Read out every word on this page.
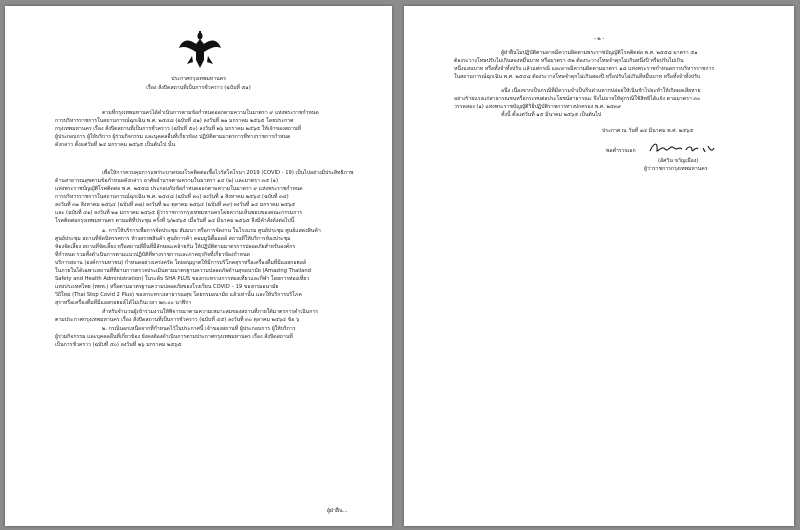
ประกาศกรุงเทพมหานคร
เรื่อง สั่งปิดสถานที่เป็นการชั่วคราว (ฉบับที่ ๕๑)
ตามที่กรุงเทพมหานครได้ดำเนินการตามข้อกำหนดออกตามความในมาตรา ๙ แห่งพระราชกำหนด
การบริหารราชการในสถานการณ์ฉุกเฉิน พ.ศ. ๒๕๔๘ (ฉบับที่ ๔๑) ลงวันที่ ๒๑ มกราคม ๒๕๖๕ โดยประกาศ
กรุงเทพมหานคร เรื่อง สั่งปิดสถานที่เป็นการชั่วคราว (ฉบับที่ ๕๐) ลงวันที่ ๒๖ มกราคม ๒๕๖๕ ให้เจ้าของสถานที่
ผู้ประกอบการ ผู้ให้บริการ ผู้ร่วมกิจกรรม และบุคคลอื่นที่เกี่ยวข้อง ปฏิบัติตามมาตรการที่ทางราชการกำหนด
ดังกล่าว ตั้งแต่วันที่ ๒๔ มกราคม ๒๕๖๕ เป็นต้นไป นั้น
เพื่อให้การควบคุมการแพร่ระบาดของโรคติดต่อเชื้อไวรัสโคโรนา 2019 (COVID - 19) เป็นไปอย่างมีประสิทธิภาพ
ด้านสาธารณสุขตามข้อกำหนดดังกล่าว อาศัยอำนาจตามความในมาตรา ๑๔ (๒) และมาตรา ๓๕ (๑)
แห่งพระราชบัญญัติโรคติดต่อ พ.ศ. ๒๕๕๘ ประกอบกับข้อกำหนดออกตามความในมาตรา ๙ แห่งพระราชกำหนด
การบริหารราชการในสถานการณ์ฉุกเฉิน พ.ศ. ๒๕๔๘ (ฉบับที่ ๓๐) ลงวันที่ ๑ สิงหาคม ๒๕๖๔ (ฉบับที่ ๓๔)
ลงวันที่ ๓๑ สิงหาคม ๒๕๖๔ (ฉบับที่ ๓๗) ลงวันที่ ๒๐ ตุลาคม ๒๕๖๔ (ฉบับที่ ๓๙) ลงวันที่ ๑๔ มกราคม ๒๕๖๕
และ (ฉบับที่ ๔๑) ลงวันที่ ๒๑ มกราคม ๒๕๖๕ ผู้ว่าราชการกรุงเทพมหานครโดยความเห็นชอบของคณะกรรมการ
โรคติดต่อกรุงเทพมหานคร ตามมติที่ประชุม ครั้งที่ ๖/๒๕๖๕ เมื่อวันที่ ๑๔ มีนาคม ๒๕๖๕ จึงมีคำสั่งดังต่อไปนี้
๑. การให้บริการเพื่อการจัดประชุม สัมมนา หรือการจัดงาน ในโรงแรม ศูนย์ประชุม ศูนย์แสดงสินค้า
ศูนย์ประชุม สถานที่จัดนิทรรศการ ห้างสรรพสินค้า ศูนย์การค้า คอมมูนิตี้มอลล์ สถานที่ให้บริการห้องประชุม
ห้องจัดเลี้ยง สถานที่จัดเลี้ยง หรือสถานที่อื่นที่มีลักษณะคล้ายกัน ให้ปฏิบัติตามมาตรการปลอดภัยสำหรับองค์กร
ที่กำหนด รวมทั้งดำเนินการตามแนวปฏิบัติที่ทางราชการและภาคธุรกิจที่เกี่ยวข้องกำหนด
บริการสถาน (องค์การมหาชน) กำหนดอย่างเคร่งครัด โดยอนุญาตให้มีการบริโภคสุราหรือเครื่องดื่มที่มีแอลกอฮอล์
ในภายในได้เฉพาะสถานที่ที่ผ่านการตรวจประเมินตามมาตรฐานความปลอดภัยด้านสุขอนามัย (Amazing Thailand
Safety and Health Administration) ในระดับ SHA PLUS ของกระทรวงการท่องเที่ยวและกีฬา โดยการท่องเที่ยว
แห่งประเทศไทย (ททท.) หรือตามมาตรฐานความปลอดภัยของโรงเรียน COVID – 19 ของกรมอนามัย
วิถีใหม่ (Thai Stop Covid 2 Plus) ของกระทรวงสาธารณสุข โดยกรมอนามัย แล้วเท่านั้น และให้บริการบริโภค
สุราหรือเครื่องดื่มที่มีแอลกอฮอล์ได้ไม่เกินเวลา ๒๓.๐๐ นาฬิกา
สำหรับจำนวนผู้เข้าร่วมงานให้พิจารณาตามความเหมาะสมของสถานที่ภายใต้มาตรการดำเนินการ
ตามประกาศกรุงเทพมหานคร เรื่อง สั่งปิดสถานที่เป็นการชั่วคราว (ฉบับที่ ๔๕) ลงวันที่ ๓๐ ตุลาคม ๒๕๖๔ ข้อ ๖
๒. กรณีนอกเหนือจากที่กำหนดไว้ในประกาศนี้ เจ้าของสถานที่ ผู้ประกอบการ ผู้ให้บริการ
ผู้ร่วมกิจกรรม และบุคคลอื่นที่เกี่ยวข้อง ยังคงต้องดำเนินการตามประกาศกรุงเทพมหานคร เรื่อง สั่งปิดสถานที่
เป็นการชั่วคราว (ฉบับที่ ๕๐) ลงวันที่ ๒๖ มกราคม ๒๕๖๕
ผู้ฝ่าฝืน...
- ๒ -
ผู้ฝ่าฝืนไม่ปฏิบัติตามอาจมีความผิดตามพระราชบัญญัติโรคติดต่อ พ.ศ. ๒๕๕๘ มาตรา ๕๑
ต้องระวางโทษปรับไม่เกินสองหมื่นบาท หรือมาตรา ๕๒ ต้องระวางโทษจำคุกไม่เกินหนึ่งปี หรือปรับไม่เกิน
หนึ่งแสนบาท หรือทั้งจำทั้งปรับ แล้วแต่กรณี และอาจมีความผิดตามมาตรา ๑๘ แห่งพระราชกำหนดการบริหารราชการ
ในสถานการณ์ฉุกเฉิน พ.ศ. ๒๕๔๘ ต้องระวางโทษจำคุกไม่เกินสองปี หรือปรับไม่เกินสี่หมื่นบาท หรือทั้งจำทั้งปรับ
อนึ่ง เนื่องจากเป็นกรณีที่มีความจำเป็นรีบด่วนหากปล่อยให้เนิ่นช้าไปจะทำให้เกิดผลเสียหาย
อย่างร้ายแรงแก่สาธารณชนหรือกระทบต่อประโยชน์สาธารณะ จึงไม่อาจให้คู่กรณีใช้สิทธิได้แจ้ง ตามมาตรา ๓๐
วรรคสอง (๑) แห่งพระราชบัญญัติวิธีปฏิบัติราชการทางปกครอง พ.ศ. ๒๕๓๙
ทั้งนี้ ตั้งแต่วันที่ ๑๕ มีนาคม ๒๕๖๕ เป็นต้นไป
ประกาศ ณ วันที่ ๑๔ มีนาคม พ.ศ. ๒๕๖๕
พลตำรวจเอก
(อัศวิน ขวัญเมือง)
ผู้ว่าราชการกรุงเทพมหานคร
